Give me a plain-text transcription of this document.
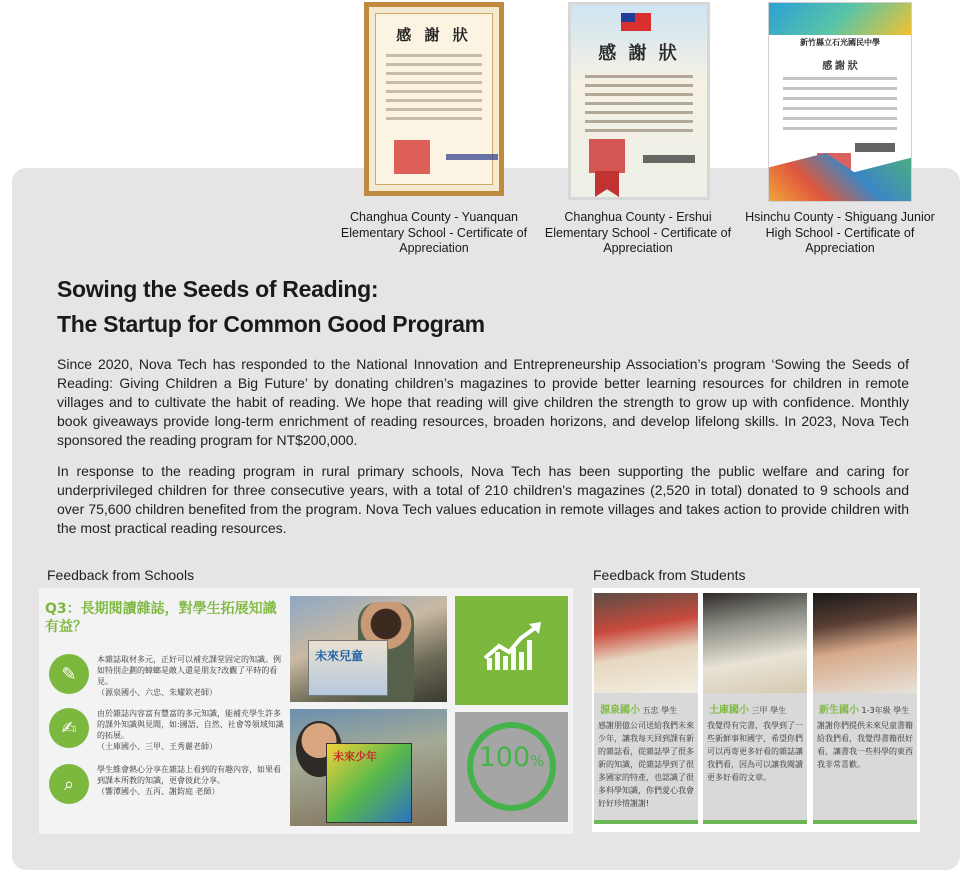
感 謝 狀
Changhua County - Yuanquan Elementary School - Certificate of Appreciation
感 謝 狀
Changhua County - Ershui Elementary School - Certificate of Appreciation
新竹縣立石光國民中學
感 謝 狀
Hsinchu County - Shiguang Junior High School - Certificate of Appreciation
Sowing the Seeds of Reading:
The Startup for Common Good Program

Since 2020, Nova Tech has responded to the National Innovation and Entrepreneurship Association’s program ‘Sowing the Seeds of Reading: Giving Children a Big Future’ by donating children’s magazines to provide better learning resources for children in remote villages and to cultivate the habit of reading. We hope that reading will give children the strength to grow up with confidence. Monthly book giveaways provide long-term enrichment of reading resources, broaden horizons, and develop lifelong skills. In 2023, Nova Tech sponsored the reading program for NT$200,000.

In response to the reading program in rural primary schools, Nova Tech has been supporting the public welfare and caring for underprivileged children for three consecutive years, with a total of 210 children's magazines (2,520 in total) donated to 9 schools and over 75,600 children benefited from the program. Nova Tech values education in remote villages and takes action to provide children with the most practical reading resources.

Feedback from Schools
Q3：長期閱讀雜誌，對學生拓展知識有益？
✎
本雜誌取材多元，正好可以補充課堂固定的知識。例如特別企劃的蟑螂是敵人還是朋友?改觀了平時的看見。
（源泉國小、六忠、朱耀欽老師）
✍
由於雜誌內容富有豐富的多元知識，能補充學生許多的課外知識與見聞，如:國語、自然、社會等領域知識的拓展。
（土庫國小、三甲、王秀麗老師）
⌕
學生維會熱心分享在雜誌上看到的有趣內容，如果看到課本所教的知識，更會彼此分享。
（響潭國小、五丙、謝鈞庭 老師）
未來兒童
未來少年	100%
Feedback from Students
源泉國小 五忠 學生
感謝朋億公司送給我們未來少年，讓我每天回到課有新的雜誌看，從雜誌學了很多新的知識，從雜誌學到了很多國家的特產，也認識了很多科學知識，你們愛心我會好好珍惜謝謝!
土庫國小 三甲 學生
我覺得有完書，我學到了一些新鮮事和國字，希望你們可以再寄更多好看的雜誌讓我們看，因為可以讓我閱讀更多好看的文章。
新生國小 1-3年級 學生
謝謝你們提供未來兒童書籍給我們看，我覺得書籍很好看，讓書我一些科學的東西我非常喜歡。
